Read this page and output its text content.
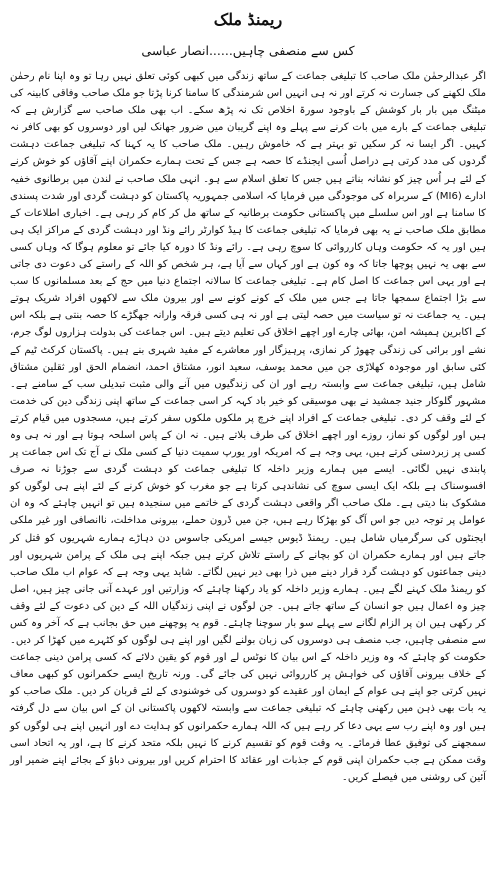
ریمنڈ ملک
کس سے منصفی چاہیں......انصار عباسی

اگر عبدالرحمٰن ملک صاحب کا تبلیغی جماعت کے ساتھ زندگی میں کبھی کوئی تعلق نہیں رہا تو وہ اپنا نام رحمٰن ملک لکھنے کی جسارت نہ کرتے اور نہ ہی انہیں اس شرمندگی کا سامنا کرنا پڑتا جو ملک صاحب وفاقی کابینہ کی میٹنگ میں بار بار کوشش کے باوجود سورۃ اخلاص تک نہ پڑھ سکے۔ اب بھی ملک صاحب سے گزارش ہے کہ تبلیغی جماعت کے بارے میں بات کرنے سے پہلے وہ اپنے گریبان میں ضرور جھانک لیں اور دوسروں کو بھی کافر نہ کہیں۔ اگر ایسا نہ کر سکیں تو بہتر ہے کہ خاموش رہیں۔ ملک صاحب کا یہ کہنا کہ تبلیغی جماعت دہشت گردوں کی مدد کرتی ہے دراصل اُسی ایجنڈے کا حصہ ہے جس کے تحت ہمارے حکمران اپنے آقاؤں کو خوش کرنے کے لئے ہر اُس چیز کو نشانہ بناتے ہیں جس کا تعلق اسلام سے ہو۔ انہی ملک صاحب نے لندن میں برطانوی خفیہ ادارے (MI6) کے سربراہ کی موجودگی میں فرمایا کہ اسلامی جمہوریہ پاکستان کو دہشت گردی اور شدت پسندی کا سامنا ہے اور اس سلسلے میں پاکستانی حکومت برطانیہ کے ساتھ مل کر کام کر رہی ہے۔ اخباری اطلاعات کے مطابق ملک صاحب نے یہ بھی فرمایا کہ تبلیغی جماعت کا ہیڈ کوارٹر رائے ونڈ اور دہشت گردی کے مراکز ایک ہی ہیں اور یہ کہ حکومت وہاں کارروائی کا سوچ رہی ہے۔ رائے ونڈ کا دورہ کیا جائے تو معلوم ہوگا کہ وہاں کسی سے بھی یہ نہیں پوچھا جاتا کہ وہ کون ہے اور کہاں سے آیا ہے، ہر شخص کو اللہ کے راستے کی دعوت دی جاتی ہے اور یہی اس جماعت کا اصل کام ہے۔ تبلیغی جماعت کا سالانہ اجتماع دنیا میں حج کے بعد مسلمانوں کا سب سے بڑا اجتماع سمجھا جاتا ہے جس میں ملک کے کونے کونے سے اور بیرون ملک سے لاکھوں افراد شریک ہوتے ہیں۔ یہ جماعت نہ تو سیاست میں حصہ لیتی ہے اور نہ ہی کسی فرقہ وارانہ جھگڑے کا حصہ بنتی ہے بلکہ اس کے اکابرین ہمیشہ امن، بھائی چارے اور اچھے اخلاق کی تعلیم دیتے ہیں۔ اس جماعت کی بدولت ہزاروں لوگ جرم، نشے اور برائی کی زندگی چھوڑ کر نمازی، پرہیزگار اور معاشرے کے مفید شہری بنے ہیں۔ پاکستان کرکٹ ٹیم کے کئی سابق اور موجودہ کھلاڑی جن میں محمد یوسف، سعید انور، مشتاق احمد، انضمام الحق اور ثقلین مشتاق شامل ہیں، تبلیغی جماعت سے وابستہ رہے اور ان کی زندگیوں میں آنے والی مثبت تبدیلی سب کے سامنے ہے۔ مشہور گلوکار جنید جمشید نے بھی موسیقی کو خیر باد کہہ کر اسی جماعت کے ساتھ اپنی زندگی دین کی خدمت کے لئے وقف کر دی۔ تبلیغی جماعت کے افراد اپنے خرچ پر ملکوں ملکوں سفر کرتے ہیں، مسجدوں میں قیام کرتے ہیں اور لوگوں کو نماز، روزے اور اچھے اخلاق کی طرف بلاتے ہیں۔ نہ ان کے پاس اسلحہ ہوتا ہے اور نہ ہی وہ کسی پر زبردستی کرتے ہیں، یہی وجہ ہے کہ امریکہ اور یورپ سمیت دنیا کے کسی ملک نے آج تک اس جماعت پر پابندی نہیں لگائی۔ ایسے میں ہمارے وزیر داخلہ کا تبلیغی جماعت کو دہشت گردی سے جوڑنا نہ صرف افسوسناک ہے بلکہ ایک ایسی سوچ کی نشاندہی کرتا ہے جو مغرب کو خوش کرنے کے لئے اپنے ہی لوگوں کو مشکوک بنا دیتی ہے۔ ملک صاحب اگر واقعی دہشت گردی کے خاتمے میں سنجیدہ ہیں تو انہیں چاہئے کہ وہ ان عوامل پر توجہ دیں جو اس آگ کو بھڑکا رہے ہیں، جن میں ڈرون حملے، بیرونی مداخلت، ناانصافی اور غیر ملکی ایجنٹوں کی سرگرمیاں شامل ہیں۔ ریمنڈ ڈیوس جیسے امریکی جاسوس دن دہاڑے ہمارے شہریوں کو قتل کر جاتے ہیں اور ہمارے حکمران ان کو بچانے کے راستے تلاش کرتے ہیں جبکہ اپنے ہی ملک کے پرامن شہریوں اور دینی جماعتوں کو دہشت گرد قرار دینے میں ذرا بھی دیر نہیں لگاتے۔ شاید یہی وجہ ہے کہ عوام اب ملک صاحب کو ریمنڈ ملک کہنے لگے ہیں۔ ہمارے وزیر داخلہ کو یاد رکھنا چاہئے کہ وزارتیں اور عہدے آنی جانی چیز ہیں، اصل چیز وہ اعمال ہیں جو انسان کے ساتھ جاتے ہیں۔ جن لوگوں نے اپنی زندگیاں اللہ کے دین کی دعوت کے لئے وقف کر رکھی ہیں ان پر الزام لگانے سے پہلے سو بار سوچنا چاہئے۔ قوم یہ پوچھنے میں حق بجانب ہے کہ آخر وہ کس سے منصفی چاہیں، جب منصف ہی دوسروں کی زبان بولنے لگیں اور اپنے ہی لوگوں کو کٹہرے میں کھڑا کر دیں۔ حکومت کو چاہئے کہ وہ وزیر داخلہ کے اس بیان کا نوٹس لے اور قوم کو یقین دلائے کہ کسی پرامن دینی جماعت کے خلاف بیرونی آقاؤں کی خواہش پر کارروائی نہیں کی جائے گی۔ ورنہ تاریخ ایسے حکمرانوں کو کبھی معاف نہیں کرتی جو اپنے ہی عوام کے ایمان اور عقیدے کو دوسروں کی خوشنودی کے لئے قربان کر دیں۔ ملک صاحب کو یہ بات بھی ذہن میں رکھنی چاہئے کہ تبلیغی جماعت سے وابستہ لاکھوں پاکستانی ان کے اس بیان سے دل گرفتہ ہیں اور وہ اپنے رب سے یہی دعا کر رہے ہیں کہ اللہ ہمارے حکمرانوں کو ہدایت دے اور انہیں اپنے ہی لوگوں کو سمجھنے کی توفیق عطا فرمائے۔ یہ وقت قوم کو تقسیم کرنے کا نہیں بلکہ متحد کرنے کا ہے، اور یہ اتحاد اسی وقت ممکن ہے جب حکمران اپنی قوم کے جذبات اور عقائد کا احترام کریں اور بیرونی دباؤ کے بجائے اپنے ضمیر اور آئین کی روشنی میں فیصلے کریں۔
